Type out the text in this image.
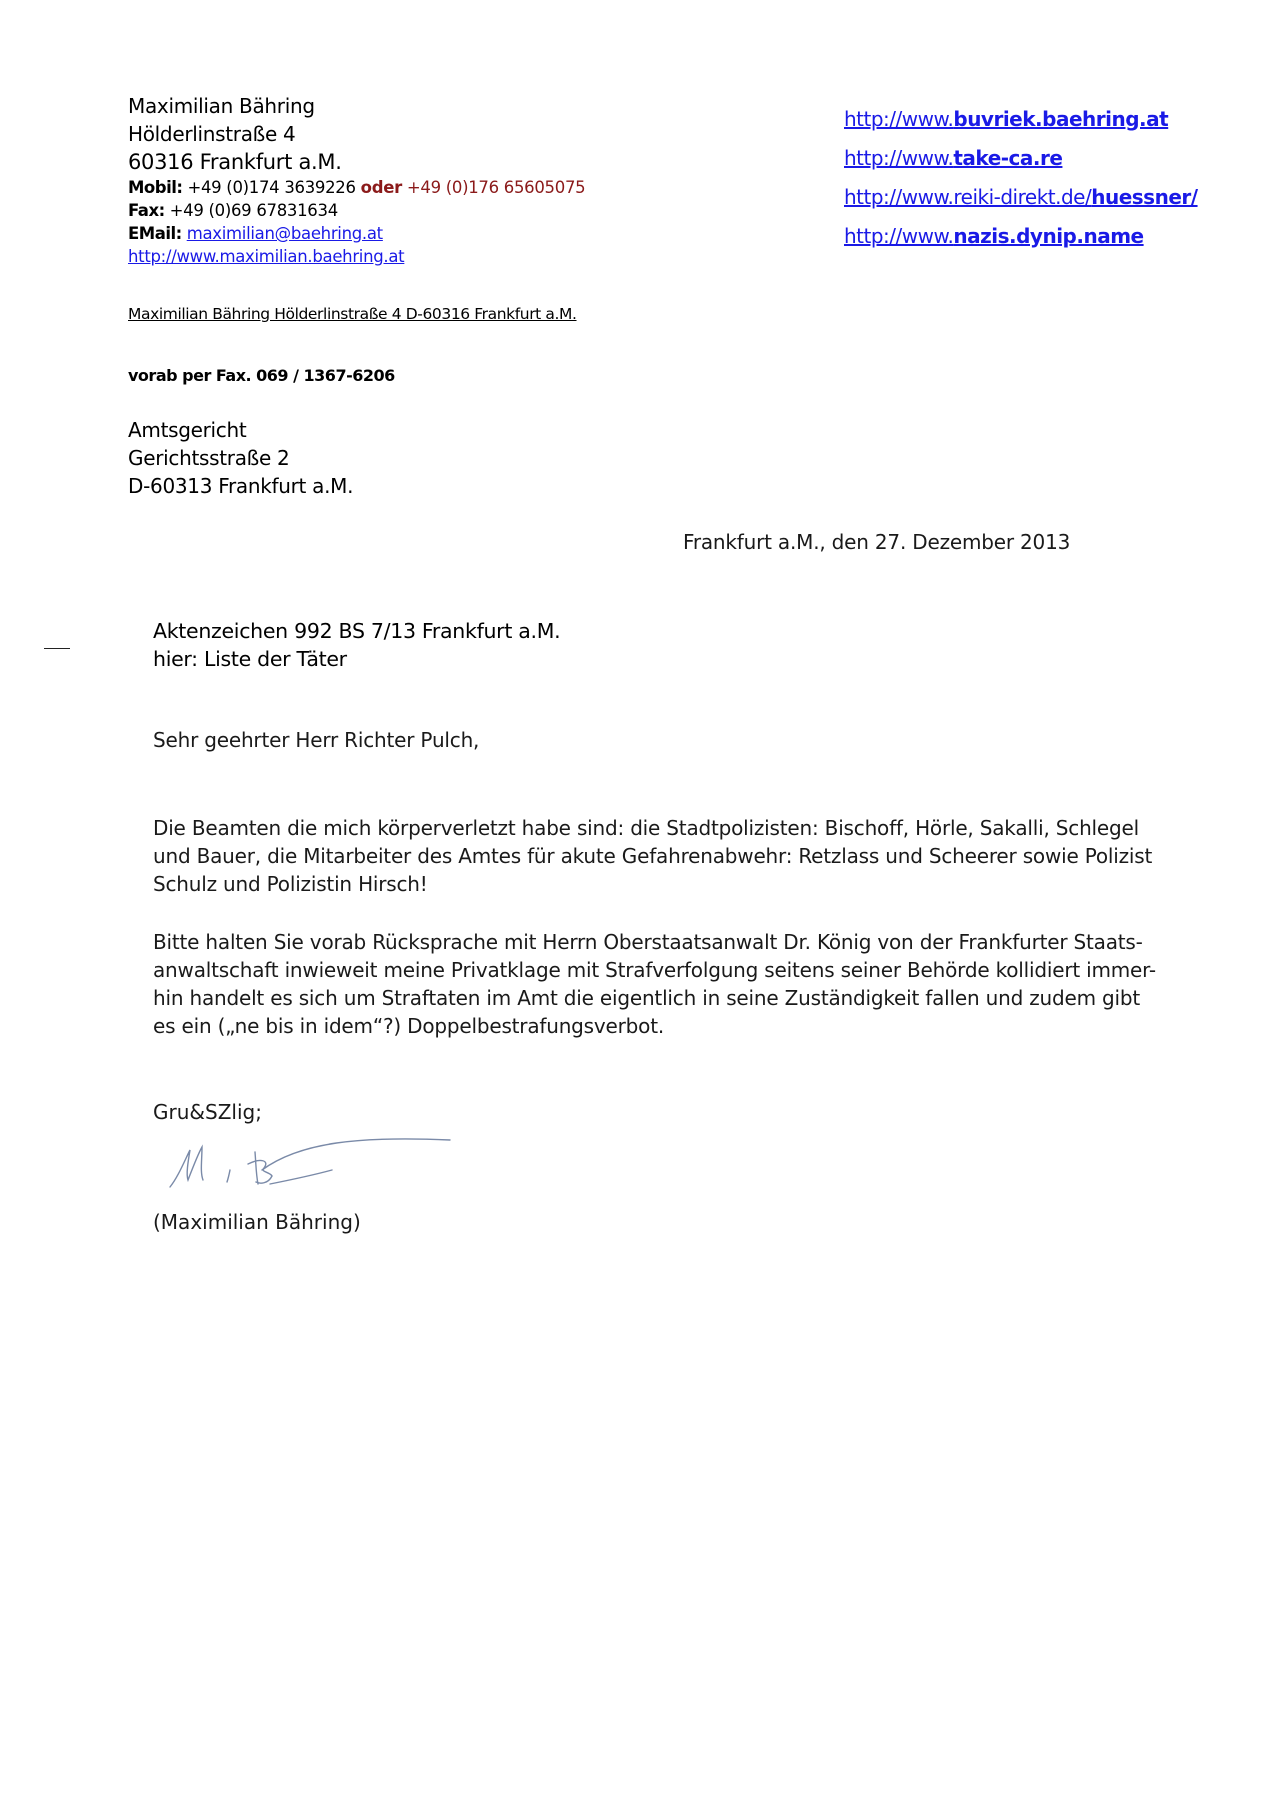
Maximilian Bähring
Hölderlinstraße 4
60316 Frankfurt a.M.
Mobil: +49 (0)174 3639226 oder +49 (0)176 65605075
Fax: +49 (0)69 67831634
EMail: maximilian@baehring.at
http://www.maximilian.baehring.at
http://www.buvriek.baehring.at
http://www.take-ca.re
http://www.reiki-direkt.de/huessner/
http://www.nazis.dynip.name
Maximilian Bähring Hölderlinstraße 4 D-60316 Frankfurt a.M.
vorab per Fax. 069 / 1367-6206
Amtsgericht
Gerichtsstraße 2
D-60313 Frankfurt a.M.
Frankfurt a.M., den 27. Dezember 2013
Aktenzeichen 992 BS 7/13 Frankfurt a.M.
hier: Liste der Täter
Sehr geehrter Herr Richter Pulch,
Die Beamten die mich körperverletzt habe sind: die Stadtpolizisten: Bischoff, Hörle, Sakalli, Schlegel
und Bauer, die Mitarbeiter des Amtes für akute Gefahrenabwehr: Retzlass und Scheerer sowie Polizist
Schulz und Polizistin Hirsch!
Bitte halten Sie vorab Rücksprache mit Herrn Oberstaatsanwalt Dr. König von der Frankfurter Staats-
anwaltschaft inwieweit meine Privatklage mit Strafverfolgung seitens seiner Behörde kollidiert immer-
hin handelt es sich um Straftaten im Amt die eigentlich in seine Zuständigkeit fallen und zudem gibt
es ein („ne bis in idem“?) Doppelbestrafungsverbot.
Gru&SZlig;
(Maximilian Bähring)
